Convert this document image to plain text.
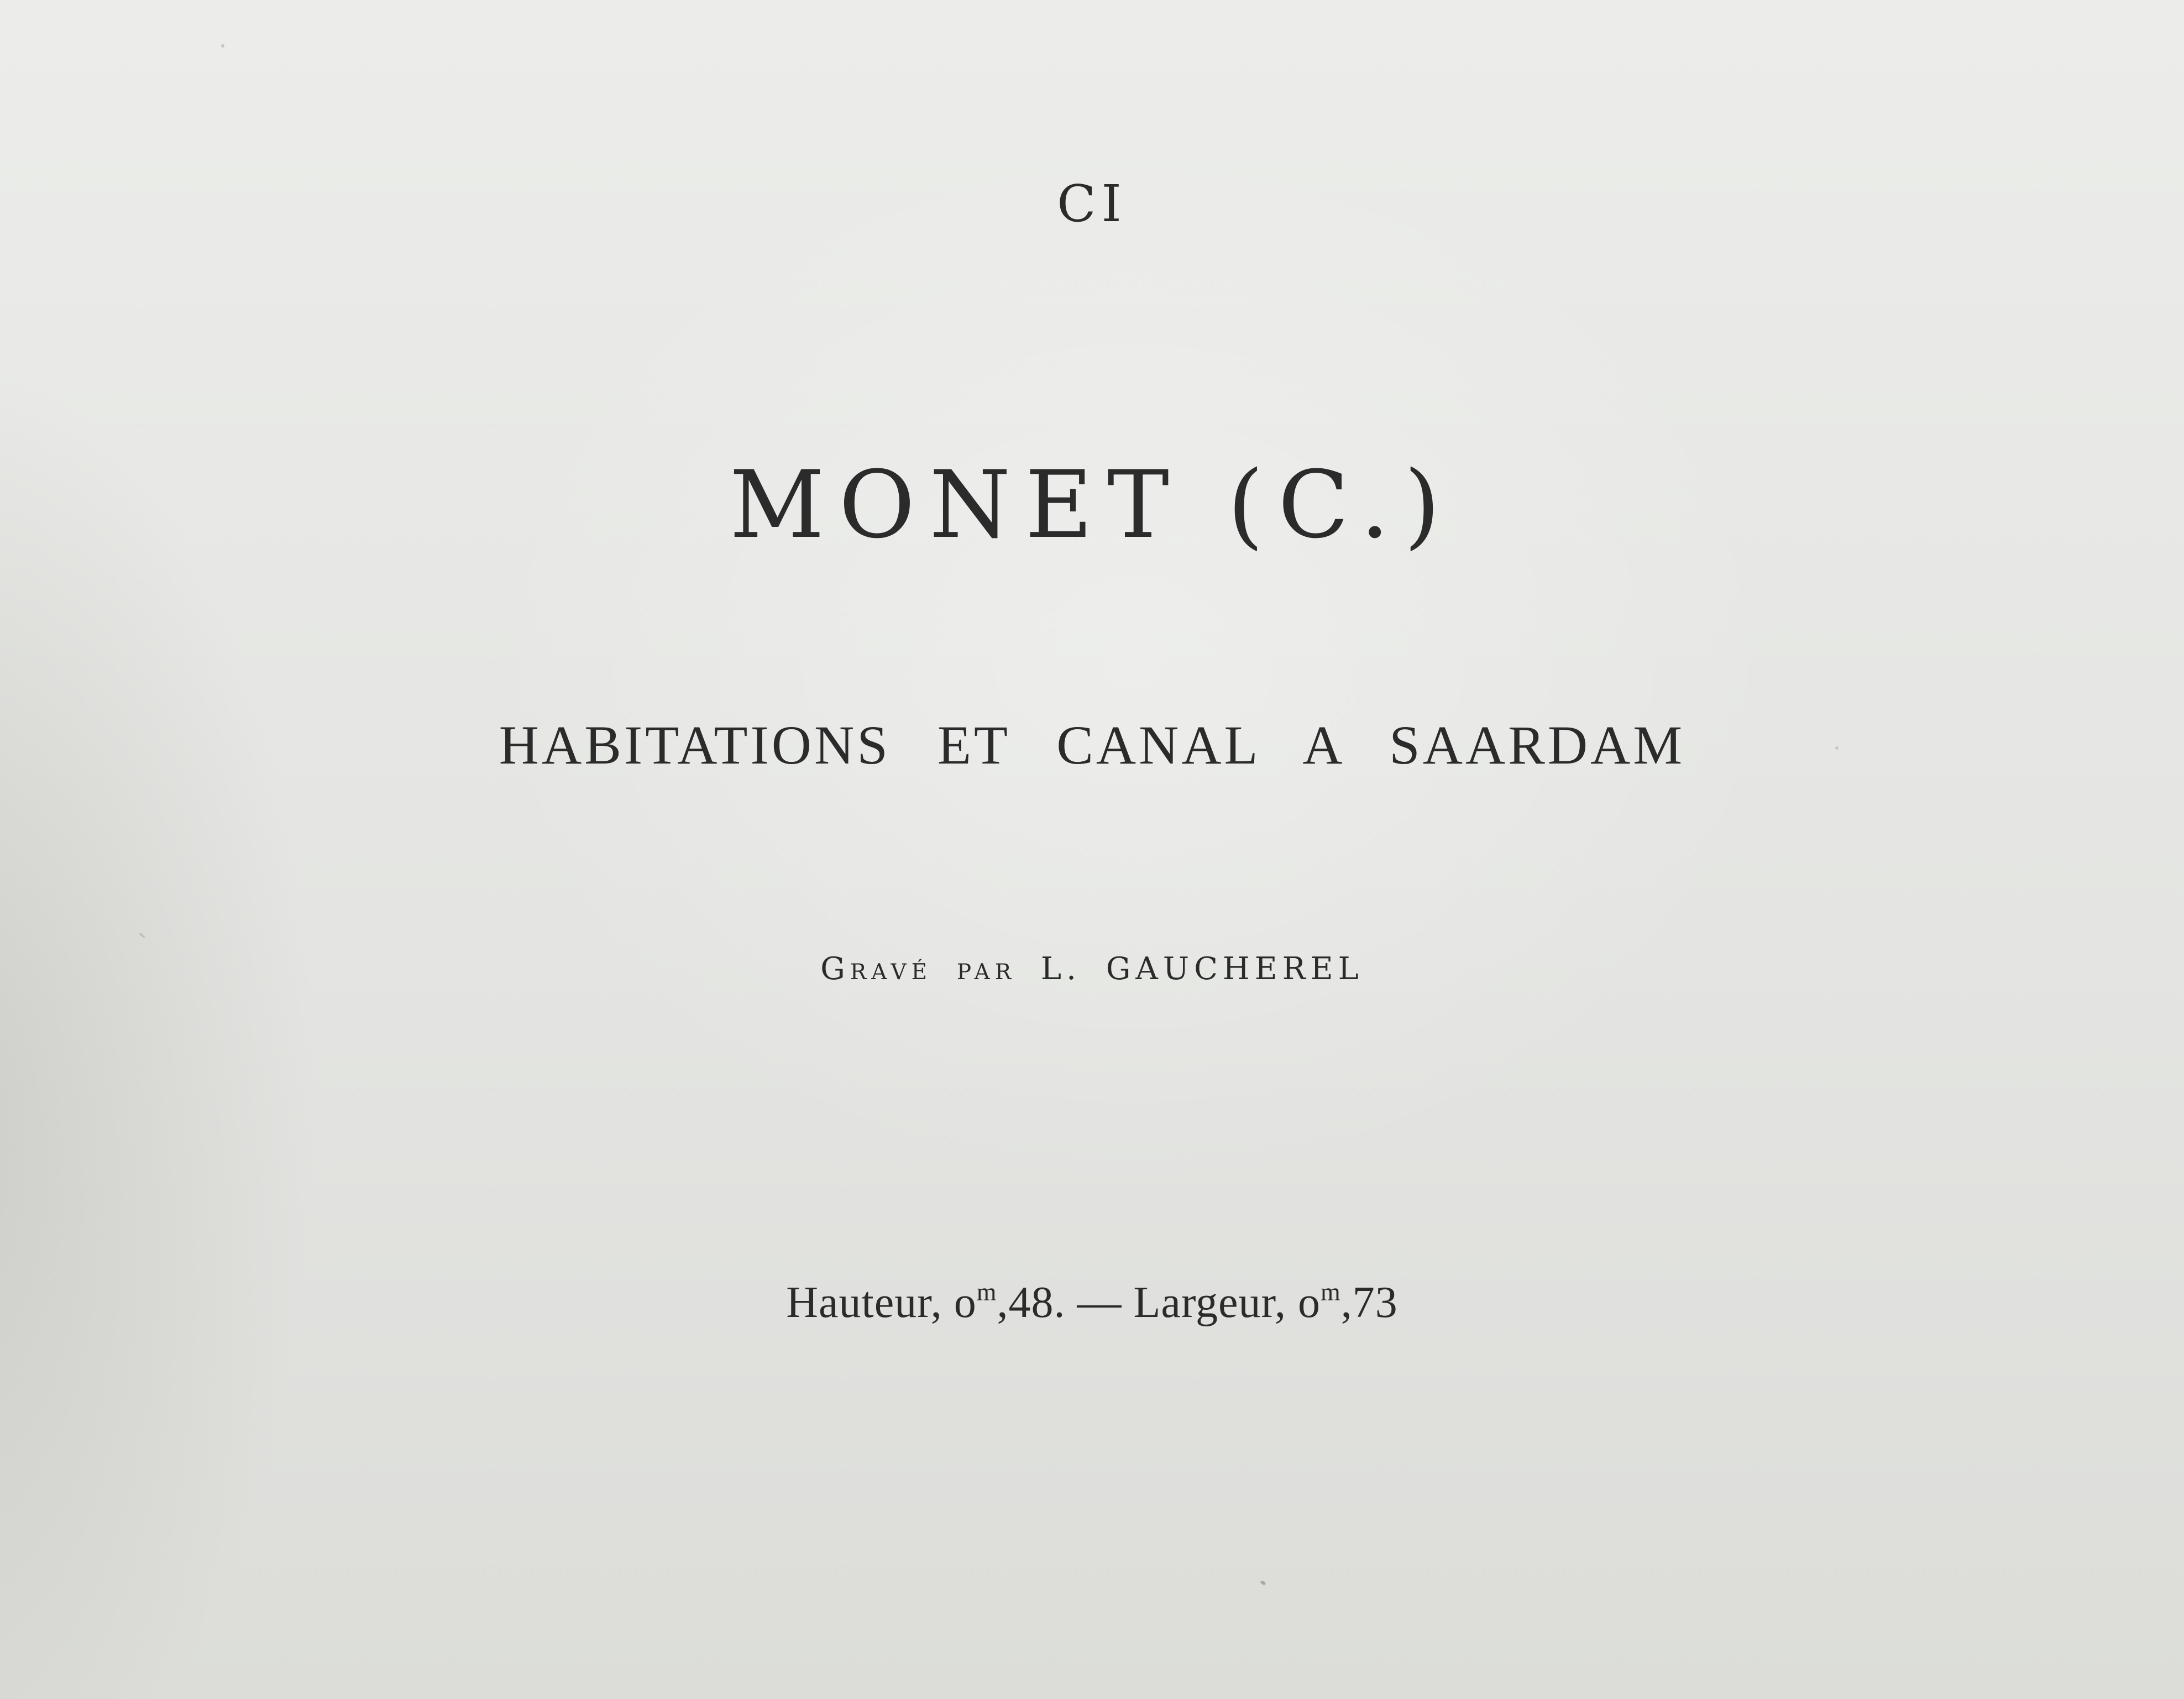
CI
MONET (C.)
HABITATIONS ET CANAL A SAARDAM
Gravé par L. GAUCHEREL
Hauteur, $o^m,48$. — Largeur, $o^m,73$
